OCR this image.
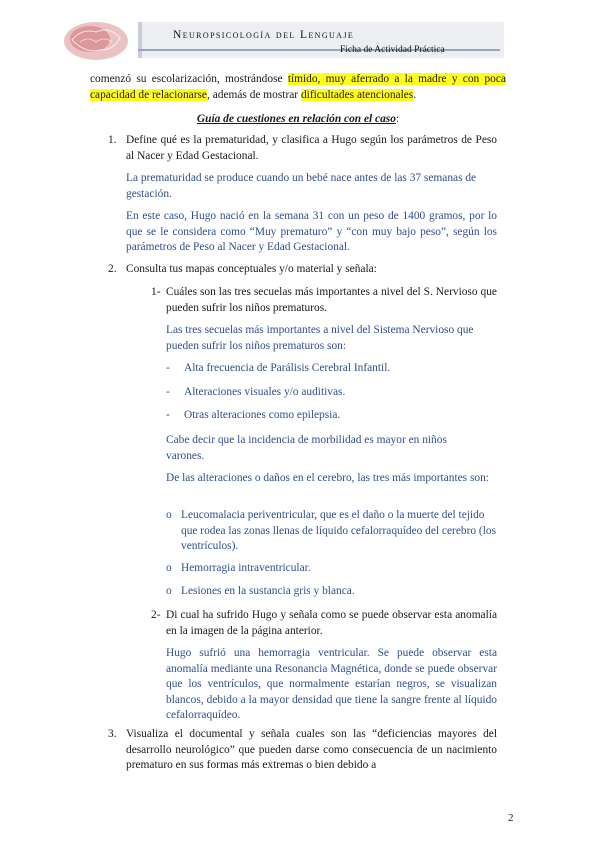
Neuropsicología del Lenguaje
Ficha de Actividad Práctica
comenzó su escolarización, mostrándose tímido, muy aferrado a la madre y con poca capacidad de relacionarse, además de mostrar dificultades atencionales.
Guía de cuestiones en relación con el caso:
1. Define qué es la prematuridad, y clasifica a Hugo según los parámetros de Peso al Nacer y Edad Gestacional.
La prematuridad se produce cuando un bebé nace antes de las 37 semanas de gestación.
En este caso, Hugo nació en la semana 31 con un peso de 1400 gramos, por lo que se le considera como “Muy prematuro” y “con muy bajo peso”, según los parámetros de Peso al Nacer y Edad Gestacional.
2. Consulta tus mapas conceptuales y/o material y señala:
1- Cuáles son las tres secuelas más importantes a nivel del S. Nervioso que pueden sufrir los niños prematuros.
Las tres secuelas más importantes a nivel del Sistema Nervioso que pueden sufrir los niños prematuros son:
- Alta frecuencia de Parálisis Cerebral Infantil.
- Alteraciones visuales y/o auditivas.
- Otras alteraciones como epilepsia.
Cabe decir que la incidencia de morbilidad es mayor en niños varones.
De las alteraciones o daños en el cerebro, las tres más importantes son:
o Leucomalacia periventricular, que es el daño o la muerte del tejido que rodea las zonas llenas de líquido cefalorraquídeo del cerebro (los ventrículos).
o Hemorragia intraventricular.
o Lesiones en la sustancia gris y blanca.
2- Di cual ha sufrido Hugo y señala como se puede observar esta anomalía en la imagen de la página anterior.
Hugo sufrió una hemorragia ventricular. Se puede observar esta anomalía mediante una Resonancia Magnética, donde se puede observar que los ventrículos, que normalmente estarían negros, se visualizan blancos, debido a la mayor densidad que tiene la sangre frente al líquido cefalorraquídeo.
3. Visualiza el documental y señala cuales son las “deficiencias mayores del desarrollo neurológico” que pueden darse como consecuencia de un nacimiento prematuro en sus formas más extremas o bien debido a
2
